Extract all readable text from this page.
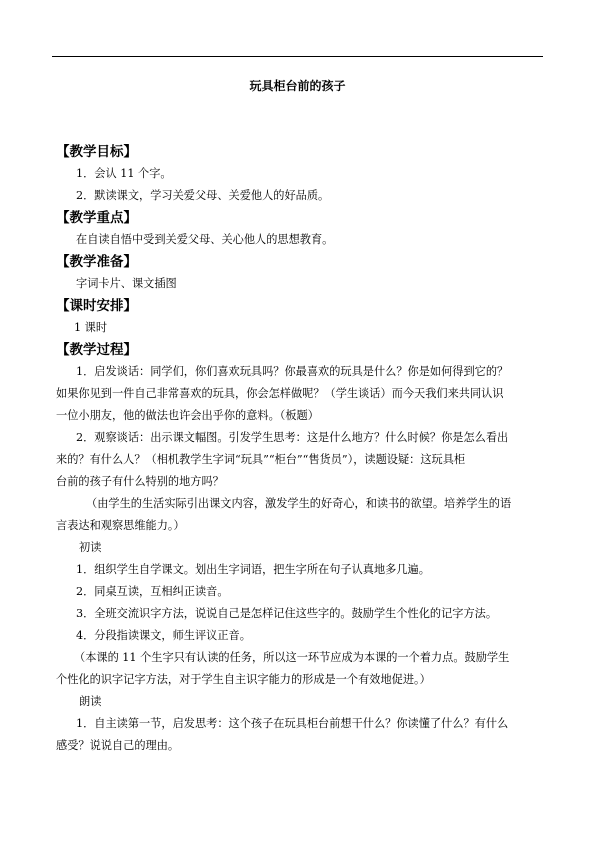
玩具柜台前的孩子
【教学目标】
1．会认 11 个字。
2．默读课文，学习关爱父母、关爱他人的好品质。
【教学重点】
在自读自悟中受到关爱父母、关心他人的思想教育。
【教学准备】
字词卡片、课文插图
【课时安排】
1 课时
【教学过程】
1．启发谈话：同学们，你们喜欢玩具吗？你最喜欢的玩具是什么？你是如何得到它的？
如果你见到一件自己非常喜欢的玩具，你会怎样做呢？（学生谈话）而今天我们来共同认识
一位小朋友，他的做法也许会出乎你的意料。（板题）
2．观察谈话：出示课文幅图。引发学生思考：这是什么地方？什么时候？你是怎么看出
来的？有什么人？（相机教学生字词“玩具”“柜台”“售货员”），读题设疑：这玩具柜
台前的孩子有什么特别的地方吗？
（由学生的生活实际引出课文内容，激发学生的好奇心，和读书的欲望。培养学生的语
言表达和观察思维能力。）
初读
1．组织学生自学课文。划出生字词语，把生字所在句子认真地多几遍。
2．同桌互读，互相纠正读音。
3．全班交流识字方法，说说自己是怎样记住这些字的。鼓励学生个性化的记字方法。
4．分段指读课文，师生评议正音。
（本课的 11 个生字只有认读的任务，所以这一环节应成为本课的一个着力点。鼓励学生
个性化的识字记字方法，对于学生自主识字能力的形成是一个有效地促进。）
朗读
1．自主读第一节，启发思考：这个孩子在玩具柜台前想干什么？你读懂了什么？有什么
感受？说说自己的理由。
